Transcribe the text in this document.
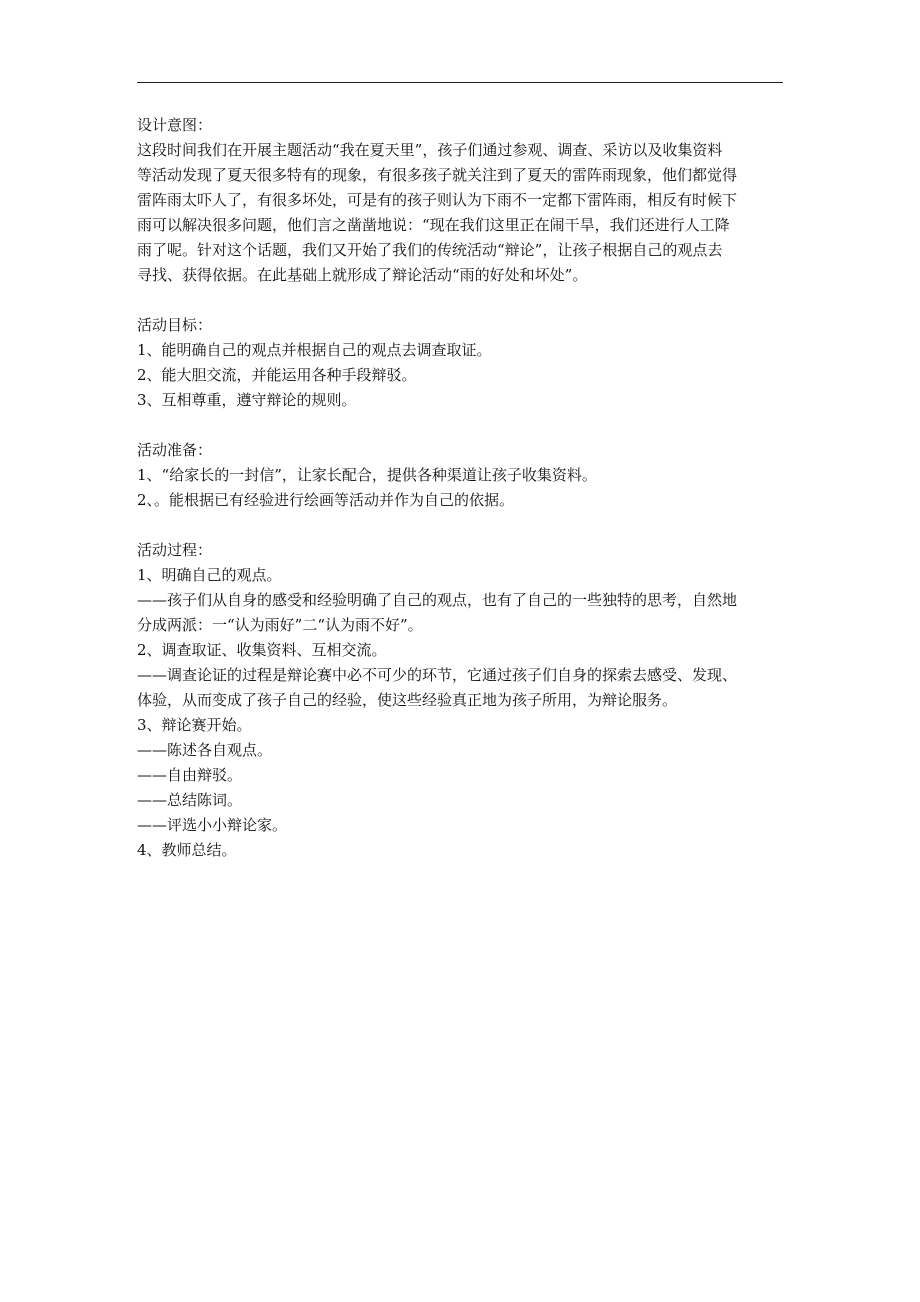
设计意图：
这段时间我们在开展主题活动“我在夏天里”，孩子们通过参观、调查、采访以及收集资料
等活动发现了夏天很多特有的现象，有很多孩子就关注到了夏天的雷阵雨现象，他们都觉得
雷阵雨太吓人了，有很多坏处，可是有的孩子则认为下雨不一定都下雷阵雨，相反有时候下
雨可以解决很多问题，他们言之凿凿地说：“现在我们这里正在闹干旱，我们还进行人工降
雨了呢。针对这个话题，我们又开始了我们的传统活动“辩论”，让孩子根据自己的观点去
寻找、获得依据。在此基础上就形成了辩论活动“雨的好处和坏处”。
活动目标：
1、能明确自己的观点并根据自己的观点去调查取证。
2、能大胆交流，并能运用各种手段辩驳。
3、互相尊重，遵守辩论的规则。
活动准备：
1、“给家长的一封信”，让家长配合，提供各种渠道让孩子收集资料。
2、。能根据已有经验进行绘画等活动并作为自己的依据。
活动过程：
1、明确自己的观点。
——孩子们从自身的感受和经验明确了自己的观点，也有了自己的一些独特的思考，自然地
分成两派：一“认为雨好”二“认为雨不好”。
2、调查取证、收集资料、互相交流。
——调查论证的过程是辩论赛中必不可少的环节，它通过孩子们自身的探索去感受、发现、
体验，从而变成了孩子自己的经验，使这些经验真正地为孩子所用，为辩论服务。
3、辩论赛开始。
——陈述各自观点。
——自由辩驳。
——总结陈词。
——评选小小辩论家。
4、教师总结。
